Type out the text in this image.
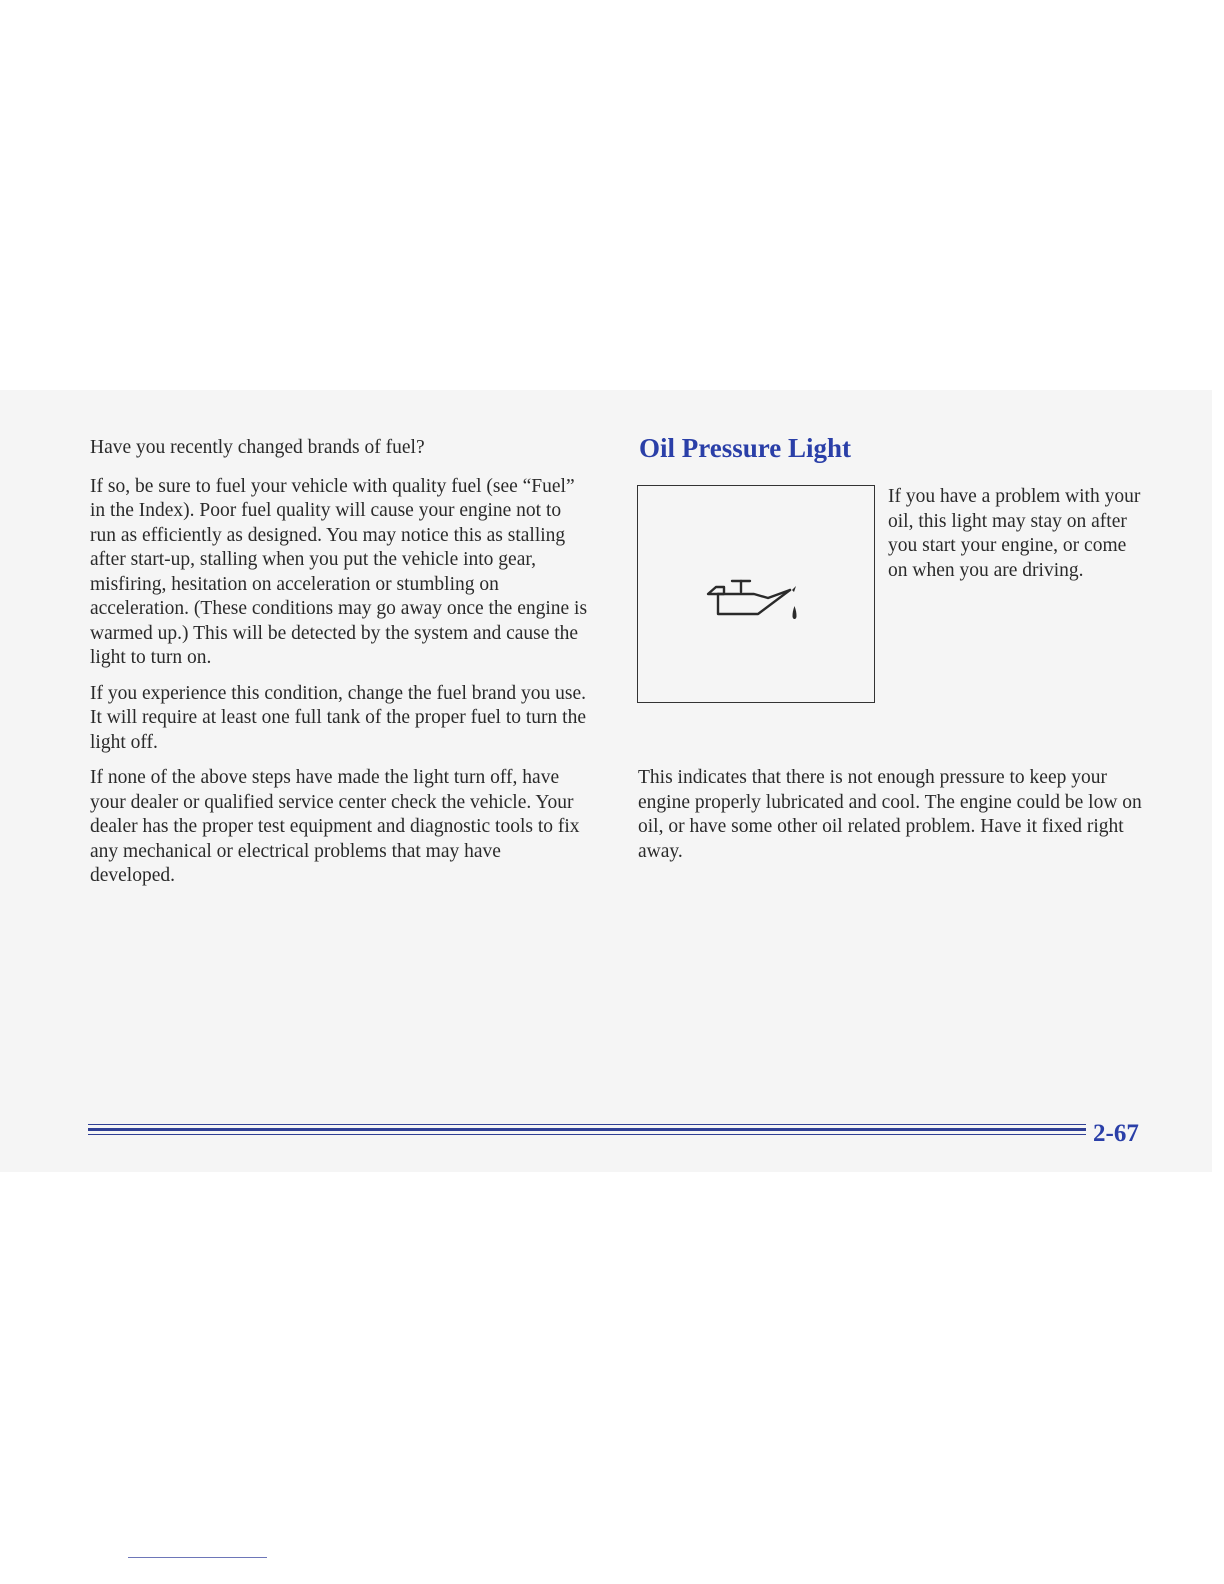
Have you recently changed brands of fuel?

If so, be sure to fuel your vehicle with quality fuel (see “Fuel” in the Index). Poor fuel quality will cause your engine not to run as efficiently as designed. You may notice this as stalling after start-up, stalling when you put the vehicle into gear, misfiring, hesitation on acceleration or stumbling on acceleration. (These conditions may go away once the engine is warmed up.) This will be detected by the system and cause the light to turn on.

If you experience this condition, change the fuel brand you use. It will require at least one full tank of the proper fuel to turn the light off.

If none of the above steps have made the light turn off, have your dealer or qualified service center check the vehicle. Your dealer has the proper test equipment and diagnostic tools to fix any mechanical or electrical problems that may have developed.

Oil Pressure Light

If you have a problem with your oil, this light may stay on after you start your engine, or come on when you are driving.

This indicates that there is not enough pressure to keep your engine properly lubricated and cool. The engine could be low on oil, or have some other oil related problem. Have it fixed right away.

2-67
